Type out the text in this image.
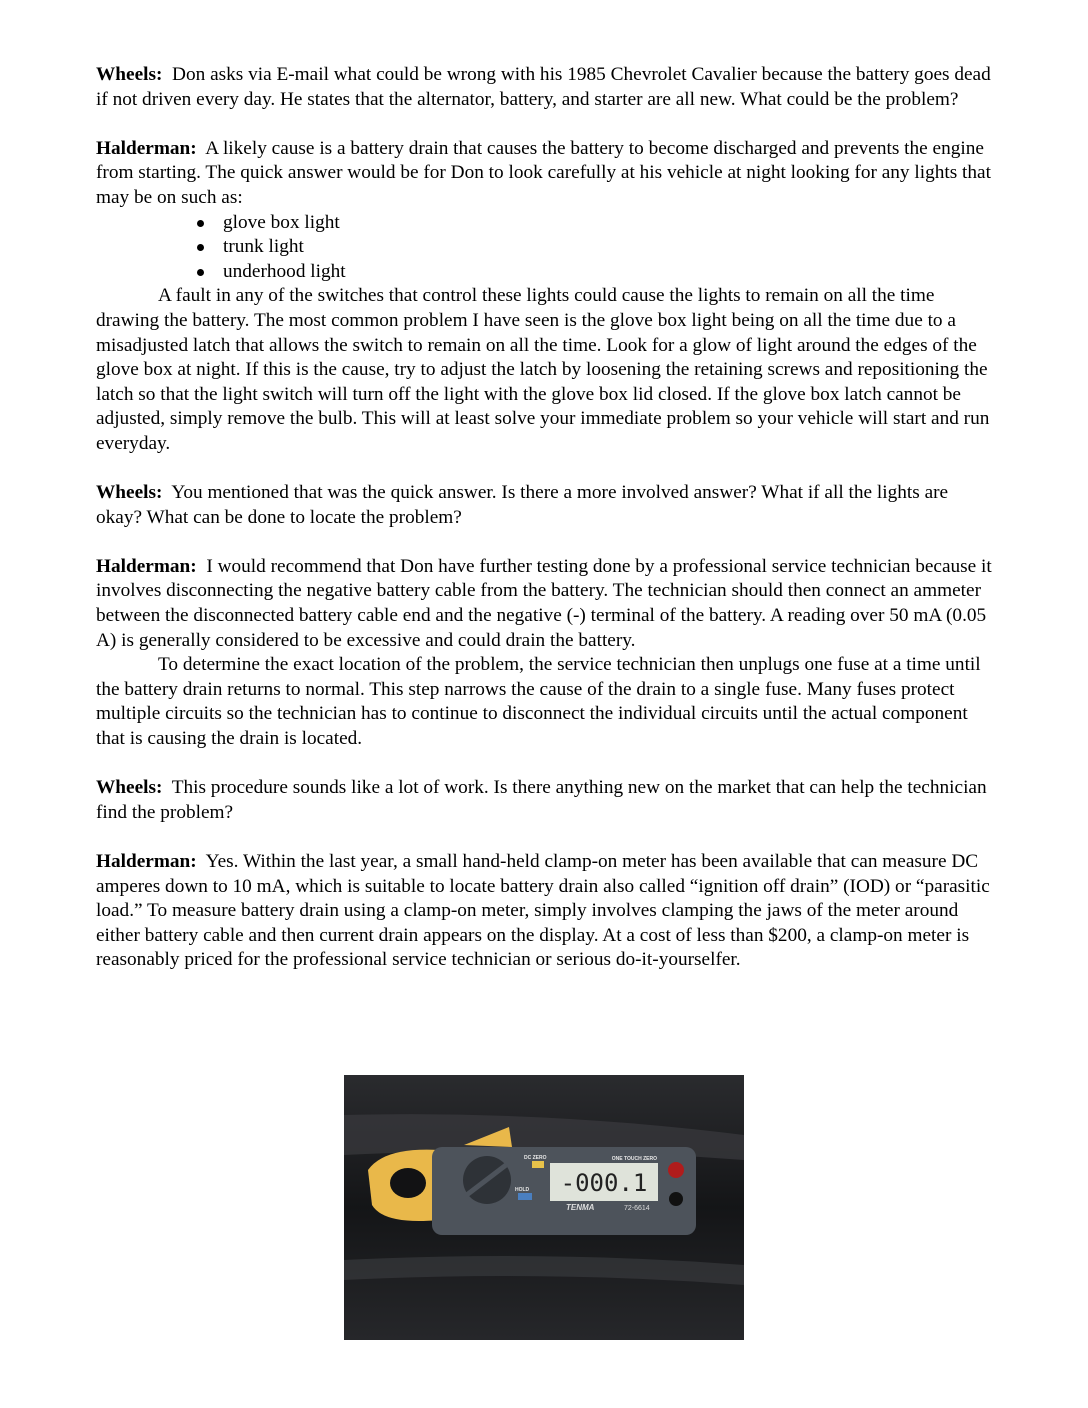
Wheels: Don asks via E-mail what could be wrong with his 1985 Chevrolet Cavalier because the battery goes dead if not driven every day. He states that the alternator, battery, and starter are all new. What could be the problem?

Halderman: A likely cause is a battery drain that causes the battery to become discharged and prevents the engine from starting. The quick answer would be for Don to look carefully at his vehicle at night looking for any lights that may be on such as:

glove box light
trunk light
underhood light

A fault in any of the switches that control these lights could cause the lights to remain on all the time drawing the battery. The most common problem I have seen is the glove box light being on all the time due to a misadjusted latch that allows the switch to remain on all the time. Look for a glow of light around the edges of the glove box at night. If this is the cause, try to adjust the latch by loosening the retaining screws and repositioning the latch so that the light switch will turn off the light with the glove box lid closed. If the glove box latch cannot be adjusted, simply remove the bulb. This will at least solve your immediate problem so your vehicle will start and run everyday.

Wheels: You mentioned that was the quick answer. Is there a more involved answer? What if all the lights are okay? What can be done to locate the problem?

Halderman: I would recommend that Don have further testing done by a professional service technician because it involves disconnecting the negative battery cable from the battery. The technician should then connect an ammeter between the disconnected battery cable end and the negative (-) terminal of the battery. A reading over 50 mA (0.05 A) is generally considered to be excessive and could drain the battery.

To determine the exact location of the problem, the service technician then unplugs one fuse at a time until the battery drain returns to normal. This step narrows the cause of the drain to a single fuse. Many fuses protect multiple circuits so the technician has to continue to disconnect the individual circuits until the actual component that is causing the drain is located.

Wheels: This procedure sounds like a lot of work. Is there anything new on the market that can help the technician find the problem?

Halderman: Yes. Within the last year, a small hand-held clamp-on meter has been available that can measure DC amperes down to 10 mA, which is suitable to locate battery drain also called “ignition off drain” (IOD) or “parasitic load.” To measure battery drain using a clamp-on meter, simply involves clamping the jaws of the meter around either battery cable and then current drain appears on the display. At a cost of less than $200, a clamp-on meter is reasonably priced for the professional service technician or serious do-it-yourselfer.

-000.1
ONE TOUCH ZERO
DC ZERO
HOLD
TENMA	72-6614
